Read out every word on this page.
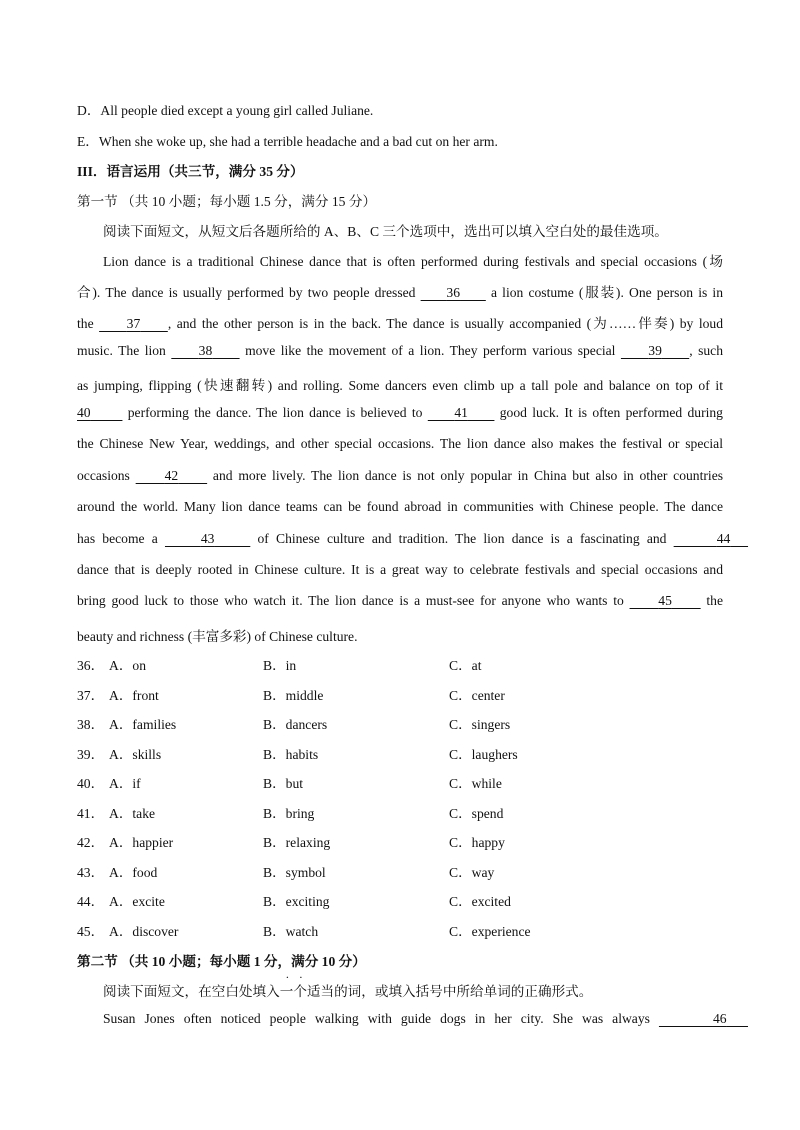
D．All people died except a young girl called Juliane.
E．When she woke up, she had a terrible headache and a bad cut on her arm.
III．语言运用（共三节，满分 35 分）
第一节 （共 10 小题；每小题 1.5 分，满分 15 分）
阅读下面短文，从短文后各题所给的 A、B、C 三个选项中，选出可以填入空白处的最佳选项。
Lion dance is a traditional Chinese dance that is often performed during festivals and special occasions (场
合). The dance is usually performed by two people dressed 36 a lion costume (服装). One person is in
the 37 , and the other person is in the back. The dance is usually accompanied (为……伴奏) by loud
music. The lion 38 move like the movement of a lion. They perform various special 39 , such
as jumping, flipping (快速翻转) and rolling. Some dancers even climb up a tall pole and balance on top of it
40	performing the dance. The lion dance is believed to 41 good luck. It is often performed during
the Chinese New Year, weddings, and other special occasions. The lion dance also makes the festival or special
occasions	42	and more lively. The lion dance is not only popular in China but also in other countries
around the world. Many lion dance teams can be found abroad in communities with Chinese people. The dance
has become a	43	of Chinese culture and tradition. The lion dance is a fascinating and	44
dance that is deeply rooted in Chinese culture. It is a great way to celebrate festivals and special occasions and
bring good luck to those who watch it. The lion dance is a must-see for anyone who wants to	45	the
beauty and richness (丰富多彩) of Chinese culture.
36． A．on	B．in	C．at
37． A．front	B．middle	C．center
38． A．families	B．dancers	C．singers
39． A．skills	B．habits	C．laughers
40． A．if	B．but	C．while
41． A．take	B．bring	C．spend
42． A．happier	B．relaxing	C．happy
43． A．food	B．symbol	C．way
44． A．excite	B．exciting	C．excited
45． A．discover	B．watch	C．experience
第二节 （共 10 小题；每小题 1 分，满分 10 分）
阅读下面短文，在空白处填入一个适当的词，或填入括号中所给单词的正确形式。
Susan Jones often noticed people walking with guide dogs in her city. She was always	46
